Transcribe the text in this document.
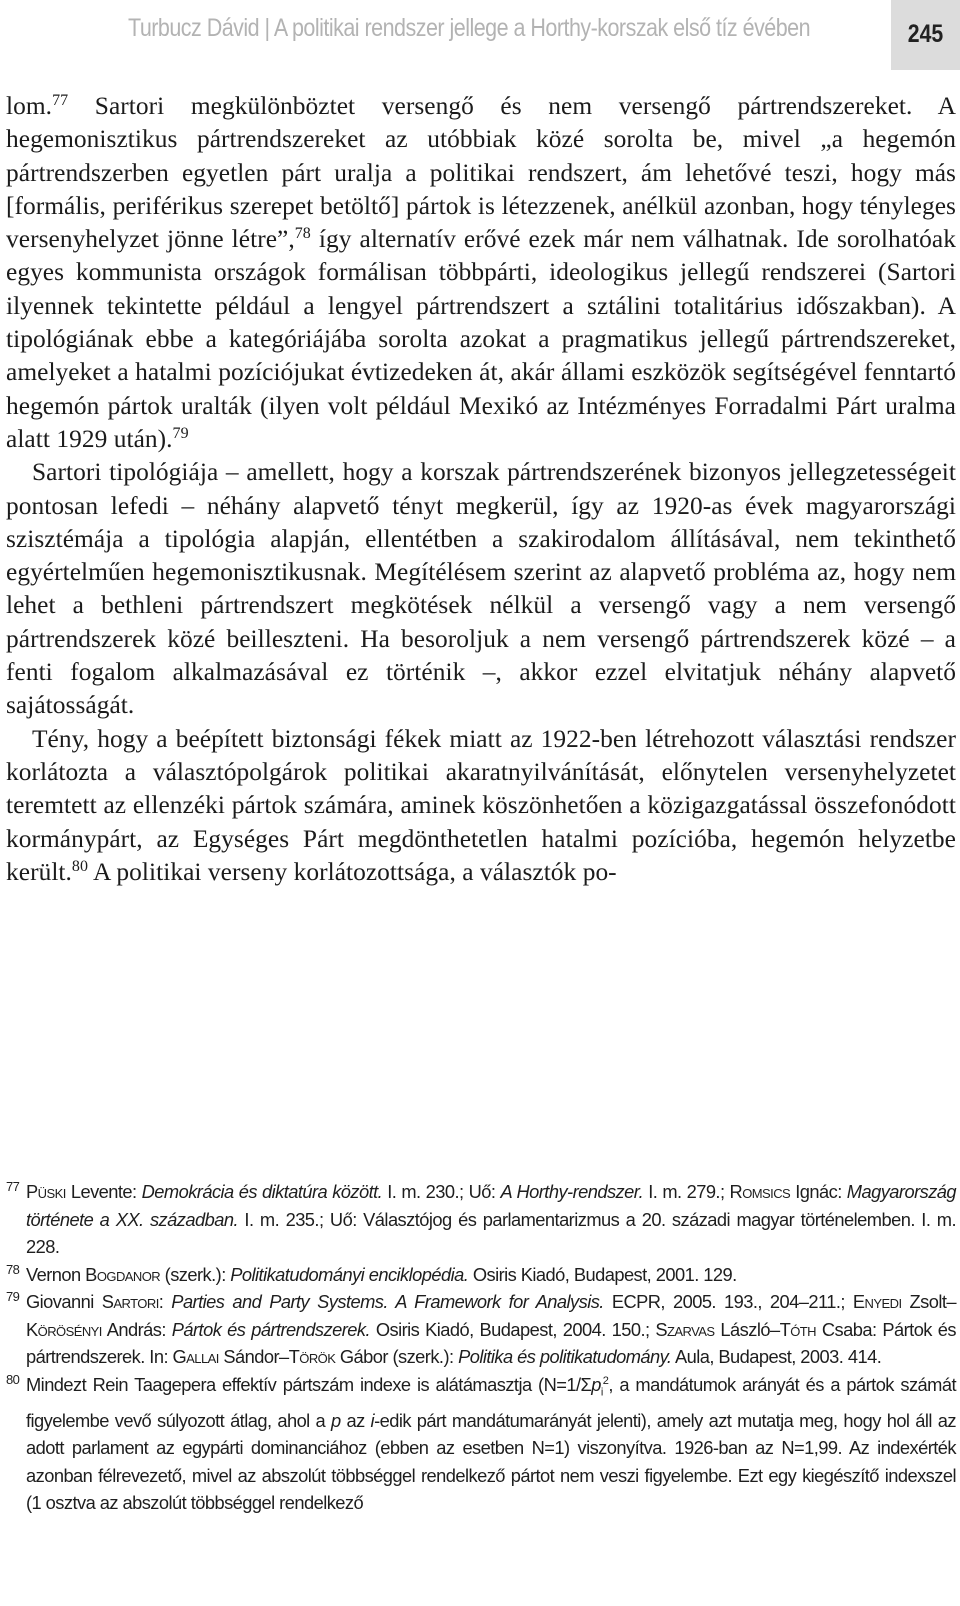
Turbucz Dávid | A politikai rendszer jellege a Horthy-korszak első tíz évében	245

lom.$^{77}$ Sartori megkülönböztet versengő és nem versengő pártrendszereket. A hegemonisztikus pártrendszereket az utóbbiak közé sorolta be, mivel „a hegemón pártrendszerben egyetlen párt uralja a politikai rendszert, ám lehetővé teszi, hogy más [formális, periférikus szerepet betöltő] pártok is létezzenek, anélkül azonban, hogy tényleges versenyhelyzet jönne létre”,$^{78}$ így alternatív erővé ezek már nem válhatnak. Ide sorolhatóak egyes kommunista országok formálisan többpárti, ideologikus jellegű rendszerei (Sartori ilyennek tekintette például a lengyel pártrendszert a sztálini totalitárius időszakban). A tipológiának ebbe a kategóriájába sorolta azokat a pragmatikus jellegű pártrendszereket, amelyeket a hatalmi pozíciójukat évtizedeken át, akár állami eszközök segítségével fenntartó hegemón pártok uralták (ilyen volt például Mexikó az Intézményes Forradalmi Párt uralma alatt 1929 után).$^{79}$

Sartori tipológiája – amellett, hogy a korszak pártrendszerének bizonyos jellegzetességeit pontosan lefedi – néhány alapvető tényt megkerül, így az 1920-as évek magyarországi szisztémája a tipológia alapján, ellentétben a szakirodalom állításával, nem tekinthető egyértelműen hegemonisztikusnak. Megítélésem szerint az alapvető probléma az, hogy nem lehet a bethleni pártrendszert megkötések nélkül a versengő vagy a nem versengő pártrendszerek közé beilleszteni. Ha besoroljuk a nem versengő pártrendszerek közé – a fenti fogalom alkalmazásával ez történik –, akkor ezzel elvitatjuk néhány alapvető sajátosságát.

Tény, hogy a beépített biztonsági fékek miatt az 1922-ben létrehozott választási rendszer korlátozta a választópolgárok politikai akaratnyilvánítását, előnytelen versenyhelyzetet teremtett az ellenzéki pártok számára, aminek köszönhetően a közigazgatással összefonódott kormánypárt, az Egységes Párt megdönthetetlen hatalmi pozícióba, hegemón helyzetbe került.$^{80}$ A politikai verseny korlátozottsága, a választók po-

77 Püski Levente: Demokrácia és diktatúra között. I. m. 230.; Uő: A Horthy-rendszer. I. m. 279.; Romsics Ignác: Magyarország története a XX. században. I. m. 235.; Uő: Választójog és parlamentarizmus a 20. századi magyar történelemben. I. m. 228.

78 Vernon Bogdanor (szerk.): Politikatudományi enciklopédia. Osiris Kiadó, Budapest, 2001. 129.

79 Giovanni Sartori: Parties and Party Systems. A Framework for Analysis. ECPR, 2005. 193., 204–211.; Enyedi Zsolt–Körösényi András: Pártok és pártrendszerek. Osiris Kiadó, Budapest, 2004. 150.; Szarvas László–Tóth Csaba: Pártok és pártrendszerek. In: Gallai Sándor–Török Gábor (szerk.): Politika és politikatudomány. Aula, Budapest, 2003. 414.

80 Mindezt Rein Taagepera effektív pártszám indexe is alátámasztja ($N=1/\Sigma p_i^2$, a mandátumok arányát és a pártok számát figyelembe vevő súlyozott átlag, ahol a p az i-edik párt mandátumarányát jelenti), amely azt mutatja meg, hogy hol áll az adott parlament az egypárti dominanciához (ebben az esetben N=1) viszonyítva. 1926-ban az N=1,99. Az indexérték azonban félrevezető, mivel az abszolút többséggel rendelkező pártot nem veszi figyelembe. Ezt egy kiegészítő indexszel (1 osztva az abszolút többséggel rendelkező
